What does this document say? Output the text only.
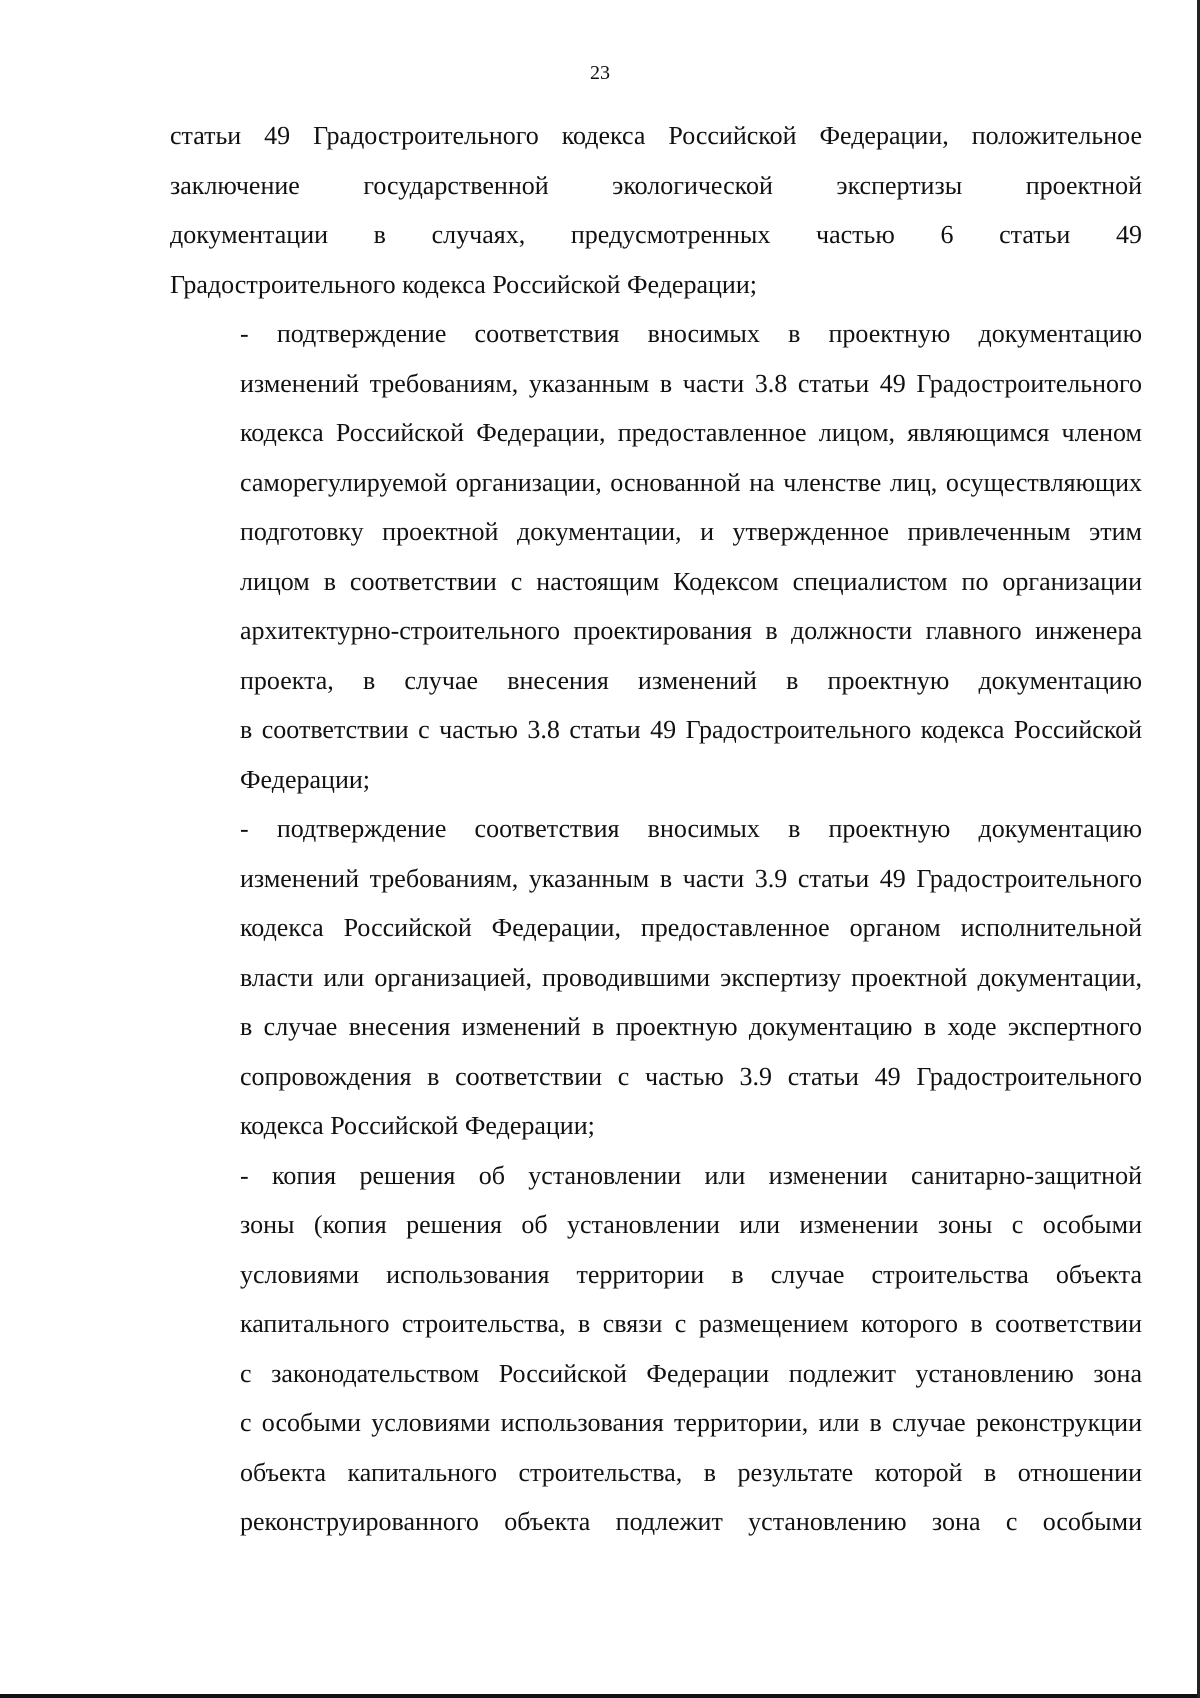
23

статьи 49 Градостроительного кодекса Российской Федерации, положительное
заключение государственной экологической экспертизы проектной
документации в случаях, предусмотренных частью 6 статьи 49
Градостроительного кодекса Российской Федерации;

- подтверждение соответствия вносимых в проектную документацию
изменений требованиям, указанным в части 3.8 статьи 49 Градостроительного
кодекса Российской Федерации, предоставленное лицом, являющимся членом
саморегулируемой организации, основанной на членстве лиц, осуществляющих
подготовку проектной документации, и утвержденное привлеченным этим
лицом в соответствии с настоящим Кодексом специалистом по организации
архитектурно-строительного проектирования в должности главного инженера
проекта, в случае внесения изменений в проектную документацию
в соответствии с частью 3.8 статьи 49 Градостроительного кодекса Российской
Федерации;

- подтверждение соответствия вносимых в проектную документацию
изменений требованиям, указанным в части 3.9 статьи 49 Градостроительного
кодекса Российской Федерации, предоставленное органом исполнительной
власти или организацией, проводившими экспертизу проектной документации,
в случае внесения изменений в проектную документацию в ходе экспертного
сопровождения в соответствии с частью 3.9 статьи 49 Градостроительного
кодекса Российской Федерации;

- копия решения об установлении или изменении санитарно-защитной
зоны (копия решения об установлении или изменении зоны с особыми
условиями использования территории в случае строительства объекта
капитального строительства, в связи с размещением которого в соответствии
с законодательством Российской Федерации подлежит установлению зона
с особыми условиями использования территории, или в случае реконструкции
объекта капитального строительства, в результате которой в отношении
реконструированного объекта подлежит установлению зона с особыми
